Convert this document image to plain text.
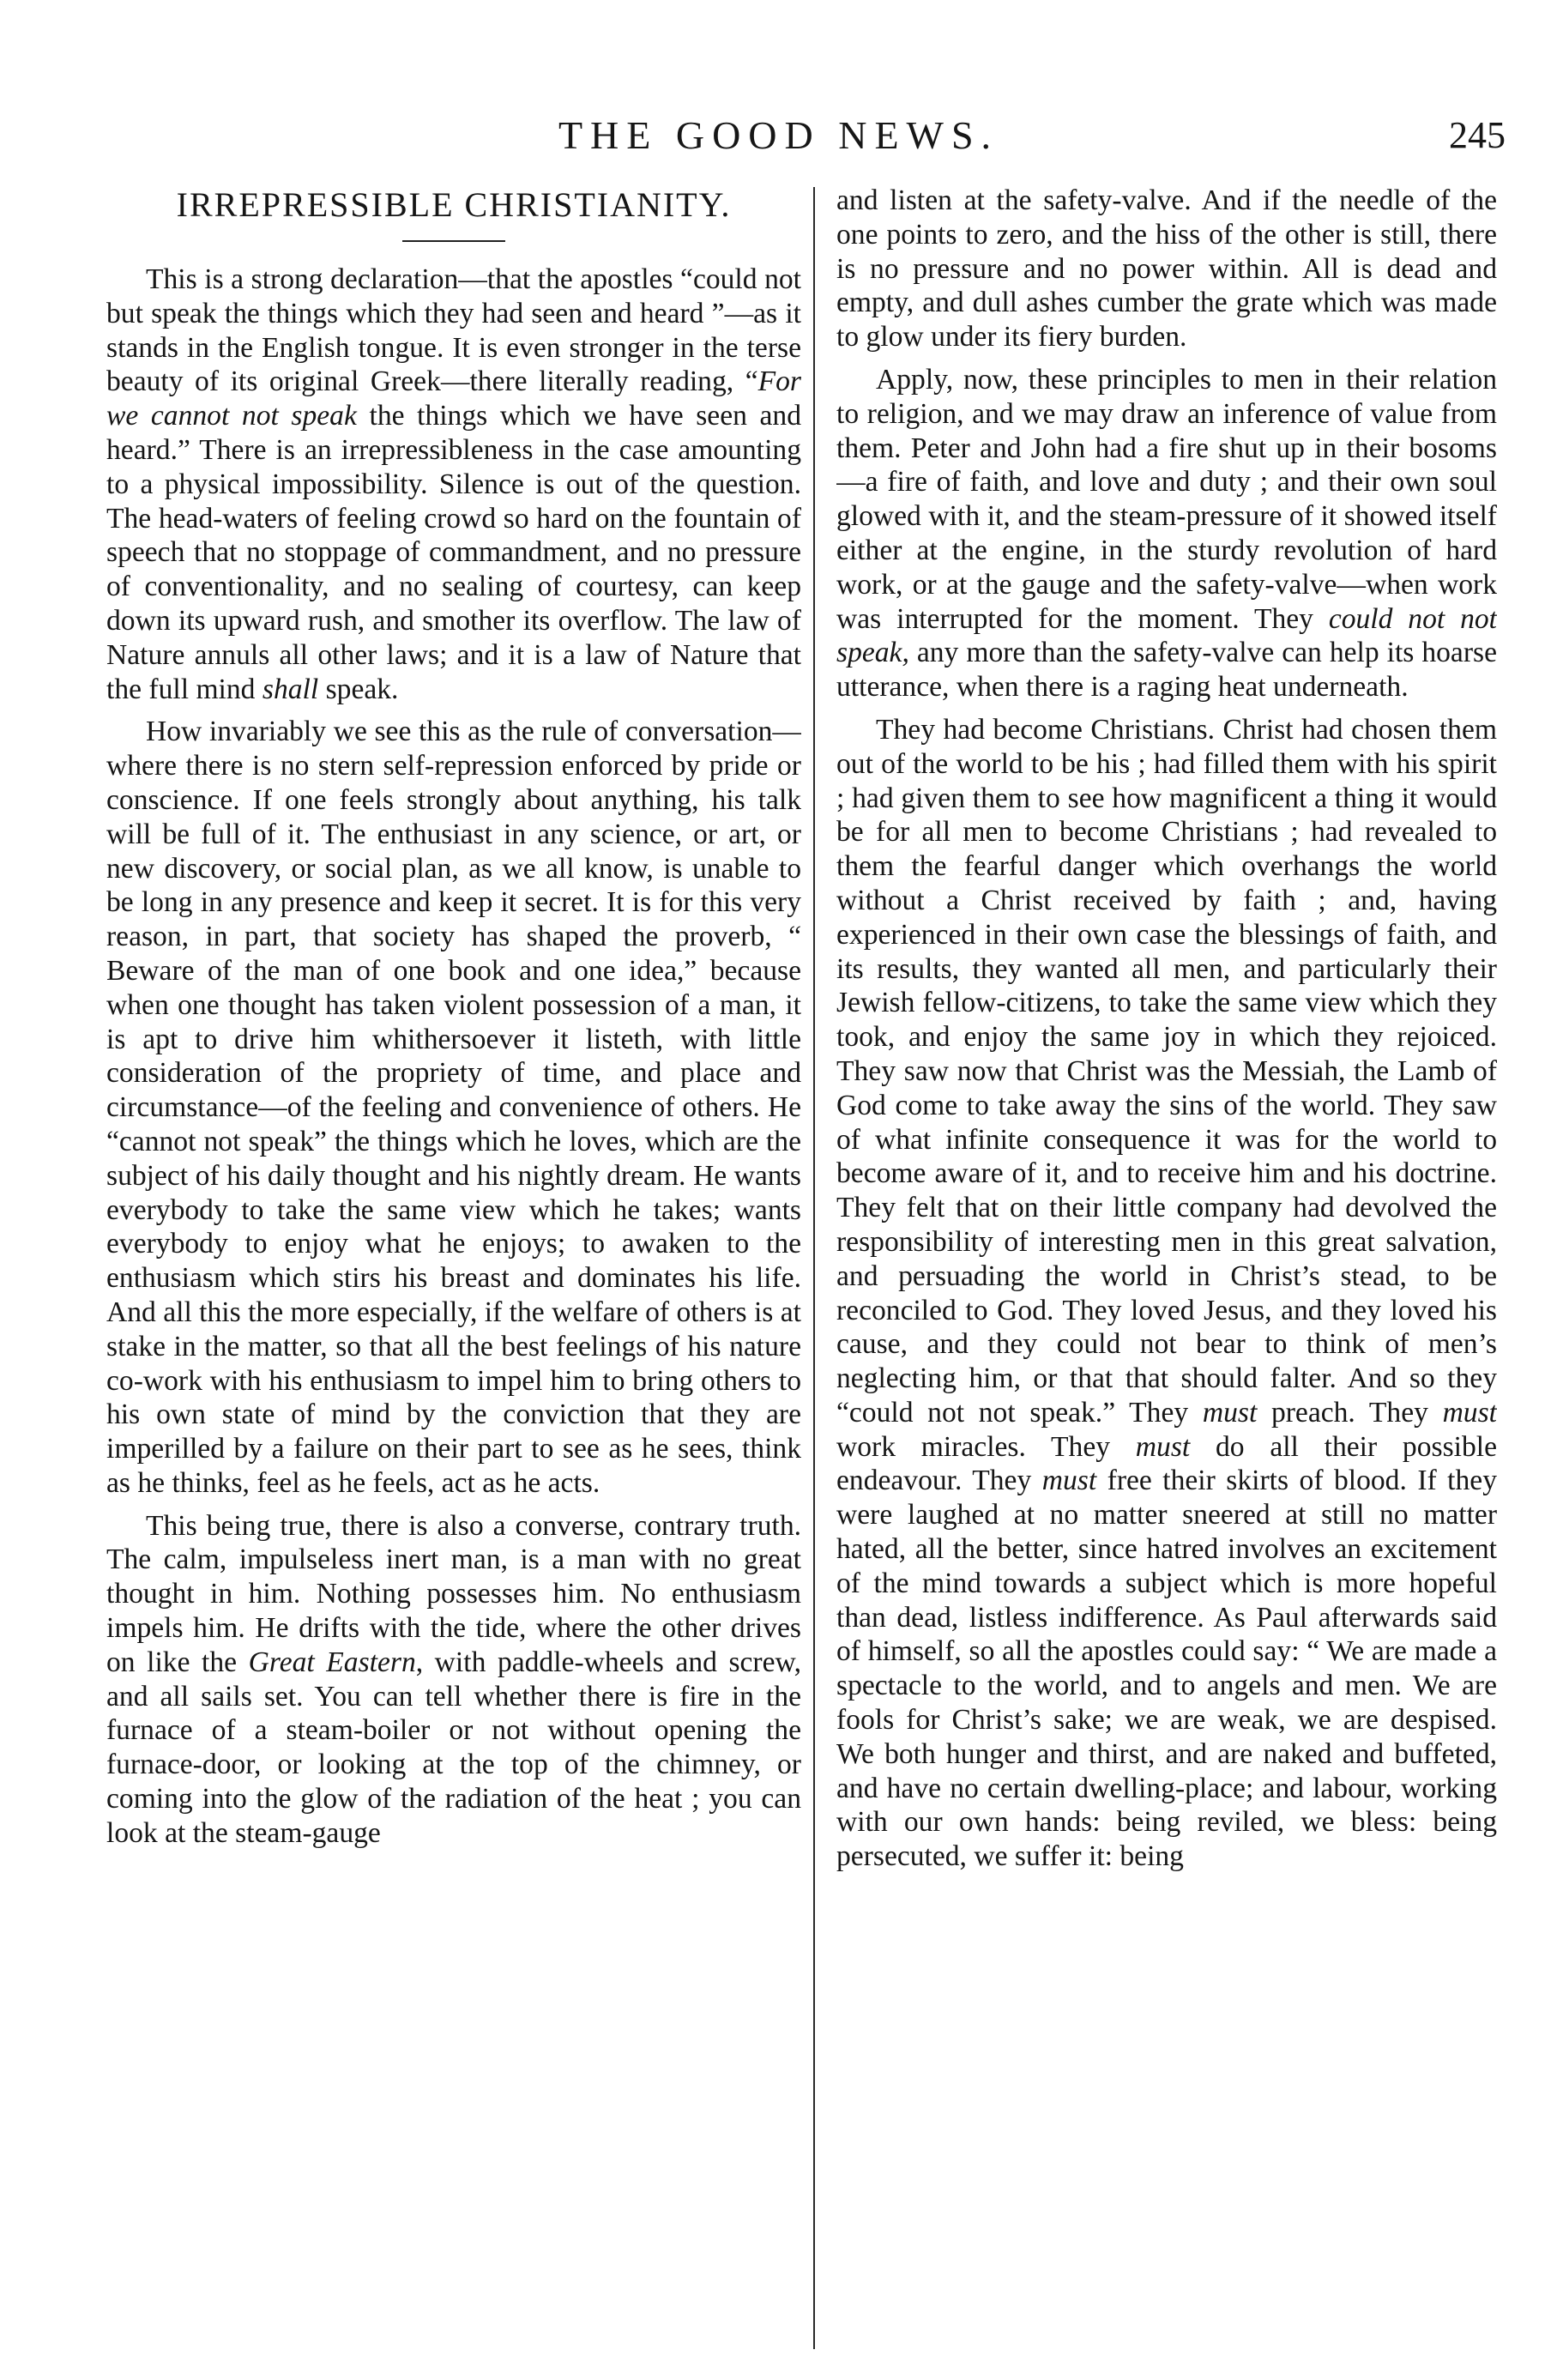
THE GOOD NEWS.	245
IRREPRESSIBLE CHRISTIANITY.

This is a strong declaration—that the apostles “could not but speak the things which they had seen and heard ”—as it stands in the English tongue. It is even stronger in the terse beauty of its original Greek—there literally reading, “For we cannot not speak the things which we have seen and heard.” There is an irrepressibleness in the case amounting to a physical impossibility. Silence is out of the question. The head-waters of feeling crowd so hard on the fountain of speech that no stoppage of commandment, and no pressure of conventionality, and no sealing of courtesy, can keep down its upward rush, and smother its overflow. The law of Nature annuls all other laws; and it is a law of Nature that the full mind shall speak.

How invariably we see this as the rule of conversation—where there is no stern self-repression enforced by pride or conscience. If one feels strongly about anything, his talk will be full of it. The enthusiast in any science, or art, or new discovery, or social plan, as we all know, is unable to be long in any presence and keep it secret. It is for this very reason, in part, that society has shaped the proverb, “ Beware of the man of one book and one idea,” because when one thought has taken violent possession of a man, it is apt to drive him whithersoever it listeth, with little consideration of the propriety of time, and place and circumstance—of the feeling and convenience of others. He “cannot not speak” the things which he loves, which are the subject of his daily thought and his nightly dream. He wants everybody to take the same view which he takes; wants everybody to enjoy what he enjoys; to awaken to the enthusiasm which stirs his breast and dominates his life. And all this the more especially, if the welfare of others is at stake in the matter, so that all the best feelings of his nature co-work with his enthusiasm to impel him to bring others to his own state of mind by the conviction that they are imperilled by a failure on their part to see as he sees, think as he thinks, feel as he feels, act as he acts.

This being true, there is also a converse, contrary truth. The calm, impulseless inert man, is a man with no great thought in him. Nothing possesses him. No enthusiasm impels him. He drifts with the tide, where the other drives on like the Great Eastern, with paddle-wheels and screw, and all sails set. You can tell whether there is fire in the furnace of a steam-boiler or not without opening the furnace-door, or looking at the top of the chimney, or coming into the glow of the radiation of the heat ; you can look at the steam-gauge

and listen at the safety-valve. And if the needle of the one points to zero, and the hiss of the other is still, there is no pressure and no power within. All is dead and empty, and dull ashes cumber the grate which was made to glow under its fiery burden.

Apply, now, these principles to men in their relation to religion, and we may draw an inference of value from them. Peter and John had a fire shut up in their bosoms—a fire of faith, and love and duty ; and their own soul glowed with it, and the steam-pressure of it showed itself either at the engine, in the sturdy revolution of hard work, or at the gauge and the safety-valve—when work was interrupted for the moment. They could not not speak, any more than the safety-valve can help its hoarse utterance, when there is a raging heat underneath.

They had become Christians. Christ had chosen them out of the world to be his ; had filled them with his spirit ; had given them to see how magnificent a thing it would be for all men to become Christians ; had revealed to them the fearful danger which overhangs the world without a Christ received by faith ; and, having experienced in their own case the blessings of faith, and its results, they wanted all men, and particularly their Jewish fellow-citizens, to take the same view which they took, and enjoy the same joy in which they rejoiced. They saw now that Christ was the Messiah, the Lamb of God come to take away the sins of the world. They saw of what infinite consequence it was for the world to become aware of it, and to receive him and his doctrine. They felt that on their little company had devolved the responsibility of interesting men in this great salvation, and persuading the world in Christ’s stead, to be reconciled to God. They loved Jesus, and they loved his cause, and they could not bear to think of men’s neglecting him, or that that should falter. And so they “could not not speak.” They must preach. They must work miracles. They must do all their possible endeavour. They must free their skirts of blood. If they were laughed at no matter sneered at still no matter hated, all the better, since hatred involves an excitement of the mind towards a subject which is more hopeful than dead, listless indifference. As Paul afterwards said of himself, so all the apostles could say: “ We are made a spectacle to the world, and to angels and men. We are fools for Christ’s sake; we are weak, we are despised. We both hunger and thirst, and are naked and buffeted, and have no certain dwelling-place; and labour, working with our own hands: being reviled, we bless: being persecuted, we suffer it: being
